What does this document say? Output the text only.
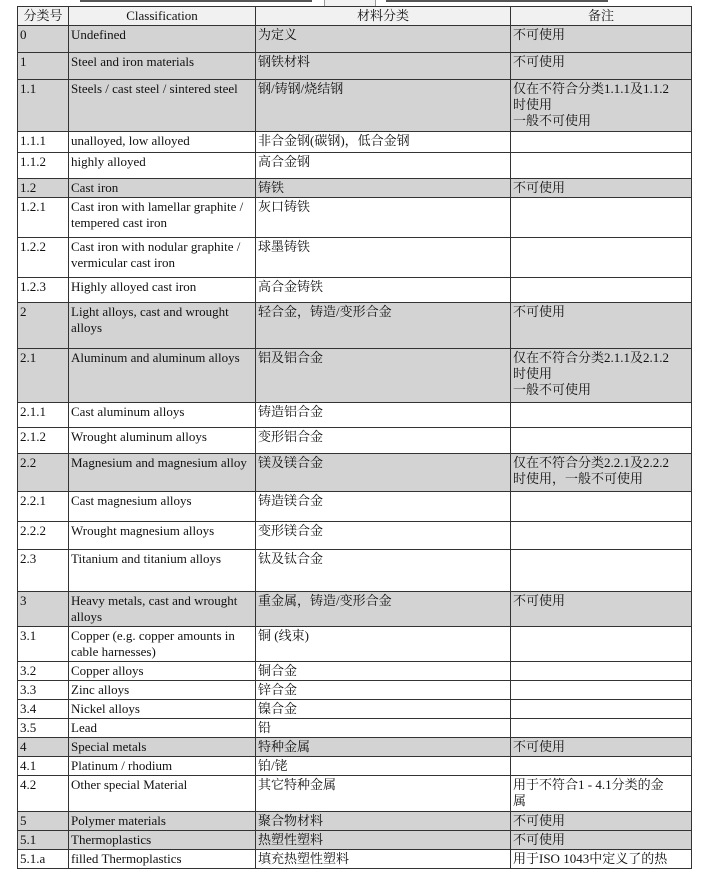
分类号	Classification	材料分类	备注
0	Undefined	为定义	不可使用
1	Steel and iron materials	钢铁材料	不可使用
1.1	Steels / cast steel / sintered steel	钢/铸钢/烧结钢	仅在不符合分类1.1.1及1.1.2
时使用
一般不可使用
1.1.1	unalloyed, low alloyed	非合金钢(碳钢)，低合金钢	
1.1.2	highly alloyed	高合金钢	
1.2	Cast iron	铸铁	不可使用
1.2.1	Cast iron with lamellar graphite / tempered cast iron	灰口铸铁	
1.2.2	Cast iron with nodular graphite / vermicular cast iron	球墨铸铁	
1.2.3	Highly alloyed cast iron	高合金铸铁	
2	Light alloys, cast and wrought alloys	轻合金，铸造/变形合金	不可使用
2.1	Aluminum and aluminum alloys	铝及铝合金	仅在不符合分类2.1.1及2.1.2
时使用
一般不可使用
2.1.1	Cast aluminum alloys	铸造铝合金	
2.1.2	Wrought aluminum alloys	变形铝合金	
2.2	Magnesium and magnesium alloy	镁及镁合金	仅在不符合分类2.2.1及2.2.2
时使用，一般不可使用
2.2.1	Cast magnesium alloys	铸造镁合金	
2.2.2	Wrought magnesium alloys	变形镁合金	
2.3	Titanium and titanium alloys	钛及钛合金	
3	Heavy metals, cast and wrought alloys	重金属，铸造/变形合金	不可使用
3.1	Copper (e.g. copper amounts in cable harnesses)	铜 (线束)	
3.2	Copper alloys	铜合金	
3.3	Zinc alloys	锌合金	
3.4	Nickel alloys	镍合金	
3.5	Lead	铅	
4	Special metals	特种金属	不可使用
4.1	Platinum / rhodium	铂/铑	
4.2	Other special Material	其它特种金属	用于不符合1 - 4.1分类的金
属
5	Polymer materials	聚合物材料	不可使用
5.1	Thermoplastics	热塑性塑料	不可使用
5.1.a	filled Thermoplastics	填充热塑性塑料	用于ISO 1043中定义了的热
